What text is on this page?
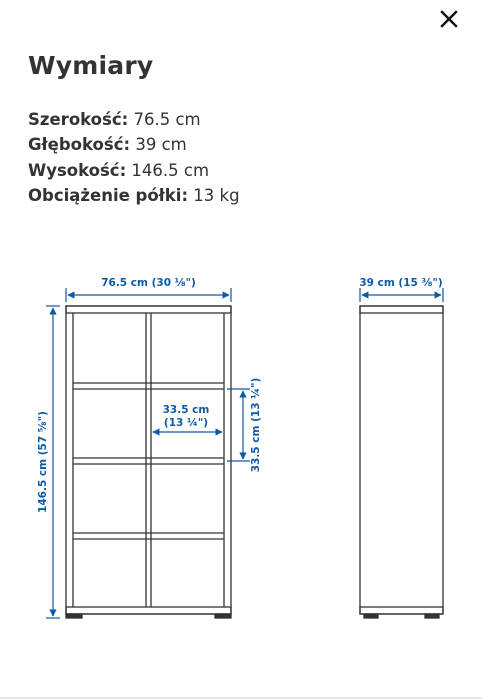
Wymiary
Szerokość: 76.5 cm
Głębokość: 39 cm
Wysokość: 146.5 cm
Obciążenie półki: 13 kg
76.5 cm (30 ⅛")
146.5 cm (57 ⅝")
33.5 cm
(13 ¼")	33.5 cm (13 ¼")
39 cm (15 ⅜")
